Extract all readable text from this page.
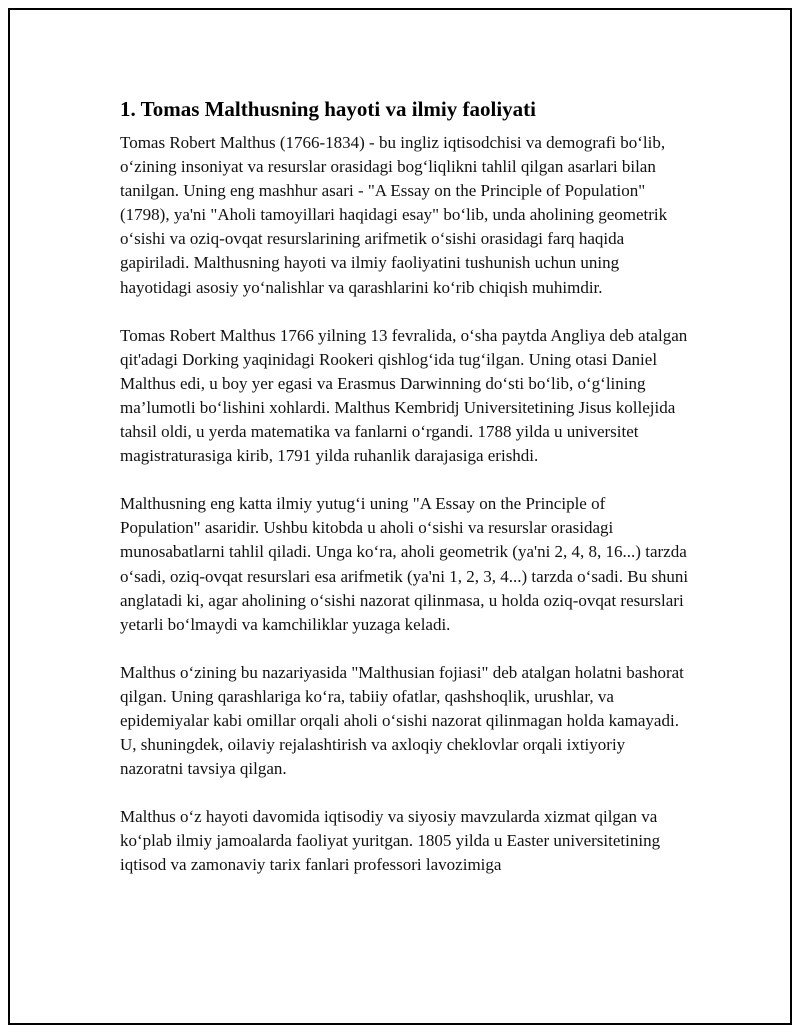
1. Tomas Malthusning hayoti va ilmiy faoliyati

Tomas Robert Malthus (1766-1834) - bu ingliz iqtisodchisi va demografi bo‘lib, o‘zining insoniyat va resurslar orasidagi bog‘liqlikni tahlil qilgan asarlari bilan tanilgan. Uning eng mashhur asari - "A Essay on the Principle of Population" (1798), ya'ni "Aholi tamoyillari haqidagi esay" bo‘lib, unda aholining geometrik o‘sishi va oziq-ovqat resurslarining arifmetik o‘sishi orasidagi farq haqida gapiriladi. Malthusning hayoti va ilmiy faoliyatini tushunish uchun uning hayotidagi asosiy yo‘nalishlar va qarashlarini ko‘rib chiqish muhimdir.

Tomas Robert Malthus 1766 yilning 13 fevralida, o‘sha paytda Angliya deb atalgan qit'adagi Dorking yaqinidagi Rookeri qishlog‘ida tug‘ilgan. Uning otasi Daniel Malthus edi, u boy yer egasi va Erasmus Darwinning do‘sti bo‘lib, o‘g‘lining ma’lumotli bo‘lishini xohlardi. Malthus Kembridj Universitetining Jisus kollejida tahsil oldi, u yerda matematika va fanlarni o‘rgandi. 1788 yilda u universitet magistraturasiga kirib, 1791 yilda ruhanlik darajasiga erishdi.

Malthusning eng katta ilmiy yutug‘i uning "A Essay on the Principle of Population" asaridir. Ushbu kitobda u aholi o‘sishi va resurslar orasidagi munosabatlarni tahlil qiladi. Unga ko‘ra, aholi geometrik (ya'ni 2, 4, 8, 16...) tarzda o‘sadi, oziq-ovqat resurslari esa arifmetik (ya'ni 1, 2, 3, 4...) tarzda o‘sadi. Bu shuni anglatadi ki, agar aholining o‘sishi nazorat qilinmasa, u holda oziq-ovqat resurslari yetarli bo‘lmaydi va kamchiliklar yuzaga keladi.

Malthus o‘zining bu nazariyasida "Malthusian fojiasi" deb atalgan holatni bashorat qilgan. Uning qarashlariga ko‘ra, tabiiy ofatlar, qashshoqlik, urushlar, va epidemiyalar kabi omillar orqali aholi o‘sishi nazorat qilinmagan holda kamayadi. U, shuningdek, oilaviy rejalashtirish va axloqiy cheklovlar orqali ixtiyoriy nazoratni tavsiya qilgan.

Malthus o‘z hayoti davomida iqtisodiy va siyosiy mavzularda xizmat qilgan va ko‘plab ilmiy jamoalarda faoliyat yuritgan. 1805 yilda u Easter universitetining iqtisod va zamonaviy tarix fanlari professori lavozimiga
